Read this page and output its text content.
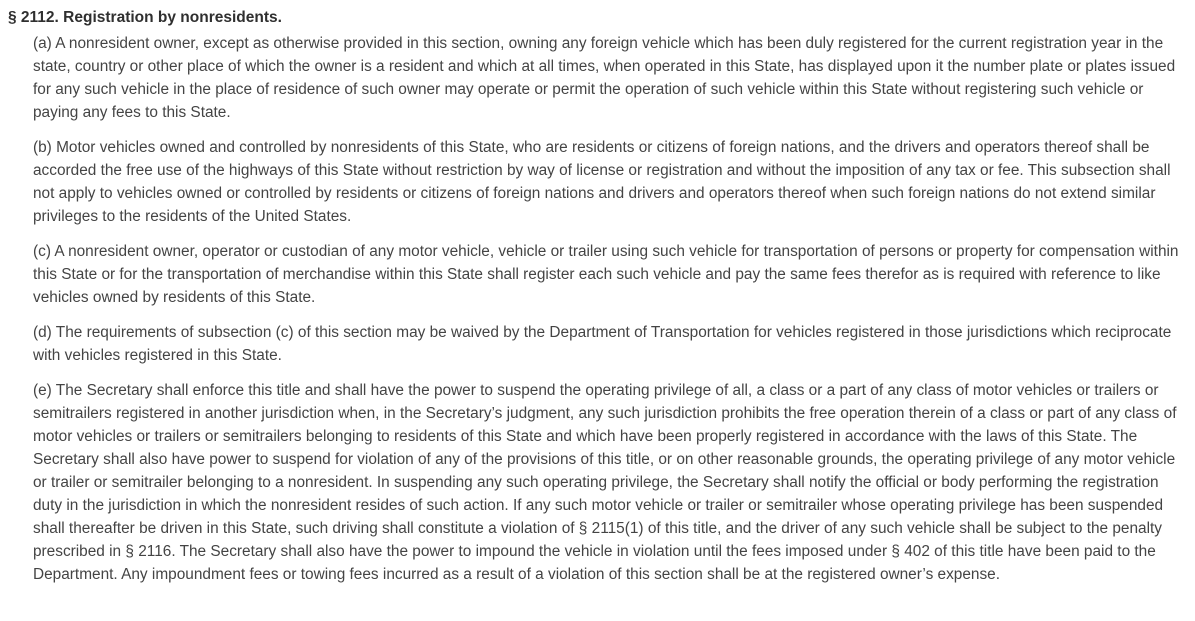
§ 2112. Registration by nonresidents.

(a) A nonresident owner, except as otherwise provided in this section, owning any foreign vehicle which has been duly registered for the current registration year in the state, country or other place of which the owner is a resident and which at all times, when operated in this State, has displayed upon it the number plate or plates issued for any such vehicle in the place of residence of such owner may operate or permit the operation of such vehicle within this State without registering such vehicle or paying any fees to this State.

(b) Motor vehicles owned and controlled by nonresidents of this State, who are residents or citizens of foreign nations, and the drivers and operators thereof shall be accorded the free use of the highways of this State without restriction by way of license or registration and without the imposition of any tax or fee. This subsection shall not apply to vehicles owned or controlled by residents or citizens of foreign nations and drivers and operators thereof when such foreign nations do not extend similar privileges to the residents of the United States.

(c) A nonresident owner, operator or custodian of any motor vehicle, vehicle or trailer using such vehicle for transportation of persons or property for compensation within this State or for the transportation of merchandise within this State shall register each such vehicle and pay the same fees therefor as is required with reference to like vehicles owned by residents of this State.

(d) The requirements of subsection (c) of this section may be waived by the Department of Transportation for vehicles registered in those jurisdictions which reciprocate with vehicles registered in this State.

(e) The Secretary shall enforce this title and shall have the power to suspend the operating privilege of all, a class or a part of any class of motor vehicles or trailers or semitrailers registered in another jurisdiction when, in the Secretary’s judgment, any such jurisdiction prohibits the free operation therein of a class or part of any class of motor vehicles or trailers or semitrailers belonging to residents of this State and which have been properly registered in accordance with the laws of this State. The Secretary shall also have power to suspend for violation of any of the provisions of this title, or on other reasonable grounds, the operating privilege of any motor vehicle or trailer or semitrailer belonging to a nonresident. In suspending any such operating privilege, the Secretary shall notify the official or body performing the registration duty in the jurisdiction in which the nonresident resides of such action. If any such motor vehicle or trailer or semitrailer whose operating privilege has been suspended shall thereafter be driven in this State, such driving shall constitute a violation of § 2115(1) of this title, and the driver of any such vehicle shall be subject to the penalty prescribed in § 2116. The Secretary shall also have the power to impound the vehicle in violation until the fees imposed under § 402 of this title have been paid to the Department. Any impoundment fees or towing fees incurred as a result of a violation of this section shall be at the registered owner’s expense.
